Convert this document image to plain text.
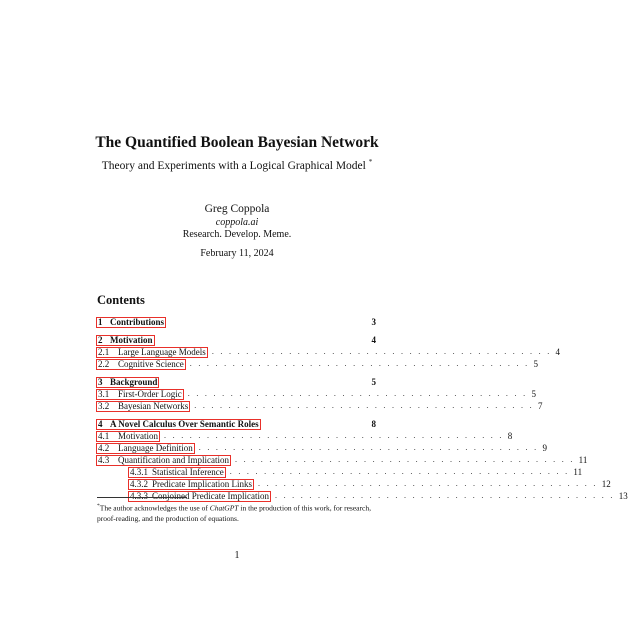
The Quantified Boolean Bayesian Network
Theory and Experiments with a Logical Graphical Model *
Greg Coppola
coppola.ai
Research. Develop. Meme.
February 11, 2024
Contents
1 Contributions	3
2 Motivation	4
2.1 Large Language Models . . . . . . . . . . . . . . . . . . . . . . . . . . . . . . . . . . . . . . . . 4
2.2 Cognitive Science . . . . . . . . . . . . . . . . . . . . . . . . . . . . . . . . . . . . . . . . 5
3 Background	5
3.1 First-Order Logic . . . . . . . . . . . . . . . . . . . . . . . . . . . . . . . . . . . . . . . . 5
3.2 Bayesian Networks . . . . . . . . . . . . . . . . . . . . . . . . . . . . . . . . . . . . . . . . 7
4 A Novel Calculus Over Semantic Roles	8
4.1 Motivation . . . . . . . . . . . . . . . . . . . . . . . . . . . . . . . . . . . . . . . . 8
4.2 Language Definition . . . . . . . . . . . . . . . . . . . . . . . . . . . . . . . . . . . . . . . . 9
4.3 Quantification and Implication . . . . . . . . . . . . . . . . . . . . . . . . . . . . . . . . . . . . . . . . 11
4.3.1 Statistical Inference . . . . . . . . . . . . . . . . . . . . . . . . . . . . . . . . . . . . . . . . 11
4.3.2 Predicate Implication Links . . . . . . . . . . . . . . . . . . . . . . . . . . . . . . . . . . . . . . . . 12
4.3.3 Conjoined Predicate Implication . . . . . . . . . . . . . . . . . . . . . . . . . . . . . . . . . . . . . . . . 13
*The author acknowledges the use of ChatGPT in the production of this work, for research, proof-reading, and the production of equations.
1
